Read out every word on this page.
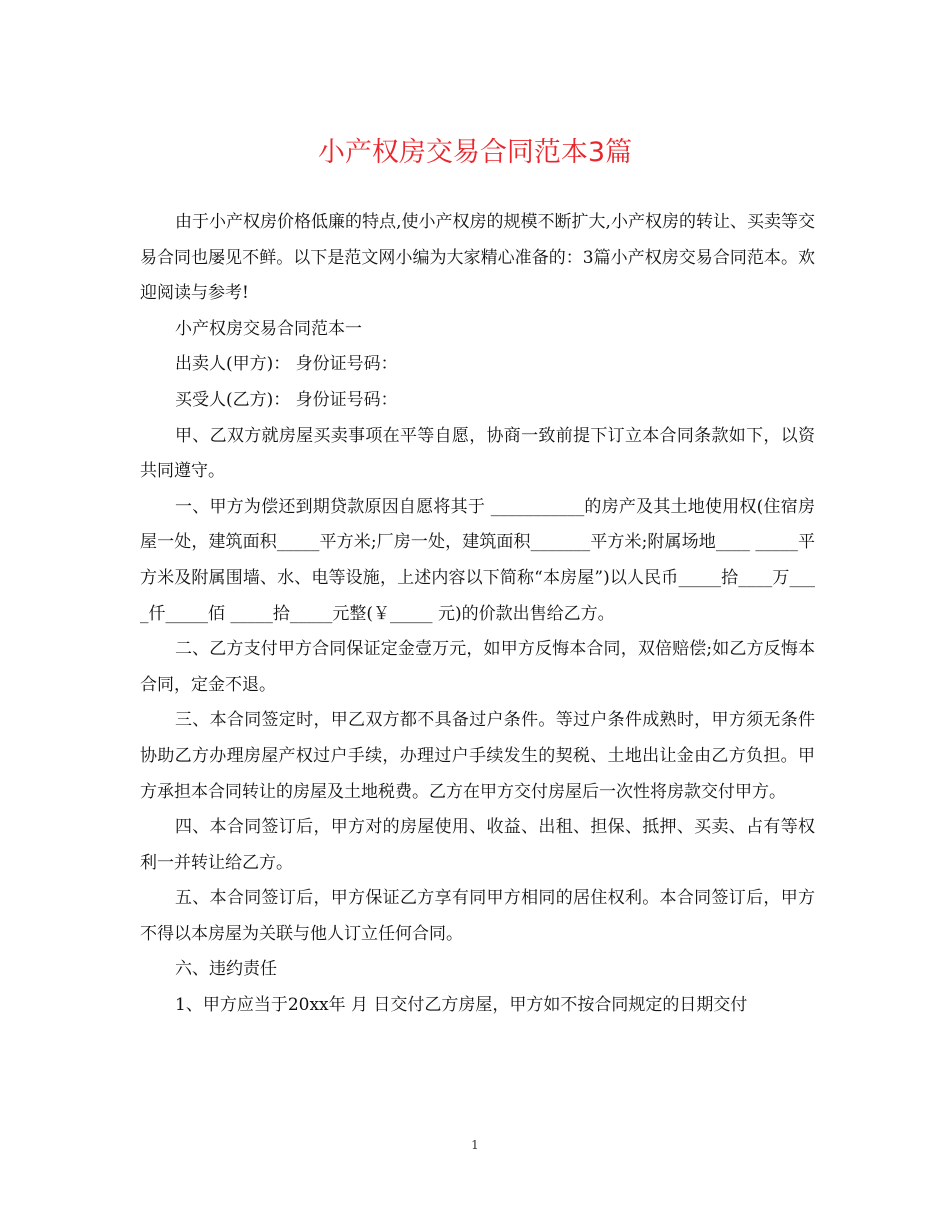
小产权房交易合同范本3篇

由于小产权房价格低廉的特点,使小产权房的规模不断扩大,小产权房的转让、买卖等交易合同也屡见不鲜。以下是范文网小编为大家精心准备的：3篇小产权房交易合同范本。欢迎阅读与参考!

小产权房交易合同范本一

出卖人(甲方)： 身份证号码：

买受人(乙方)： 身份证号码：

甲、乙双方就房屋买卖事项在平等自愿，协商一致前提下订立本合同条款如下，以资共同遵守。

一、甲方为偿还到期贷款原因自愿将其于 ___________的房产及其土地使用权(住宿房屋一处，建筑面积_____平方米;厂房一处，建筑面积_______平方米;附属场地____ _____平方米及附属围墙、水、电等设施，上述内容以下简称“本房屋”)以人民币_____拾____万____仟_____佰 _____拾_____元整(￥_____ 元)的价款出售给乙方。

二、乙方支付甲方合同保证定金壹万元，如甲方反悔本合同，双倍赔偿;如乙方反悔本合同，定金不退。

三、本合同签定时，甲乙双方都不具备过户条件。等过户条件成熟时，甲方须无条件协助乙方办理房屋产权过户手续，办理过户手续发生的契税、土地出让金由乙方负担。甲方承担本合同转让的房屋及土地税费。乙方在甲方交付房屋后一次性将房款交付甲方。

四、本合同签订后，甲方对的房屋使用、收益、出租、担保、抵押、买卖、占有等权利一并转让给乙方。

五、本合同签订后，甲方保证乙方享有同甲方相同的居住权利。本合同签订后，甲方不得以本房屋为关联与他人订立任何合同。

六、违约责任

1、甲方应当于20xx年 月 日交付乙方房屋，甲方如不按合同规定的日期交付

1
